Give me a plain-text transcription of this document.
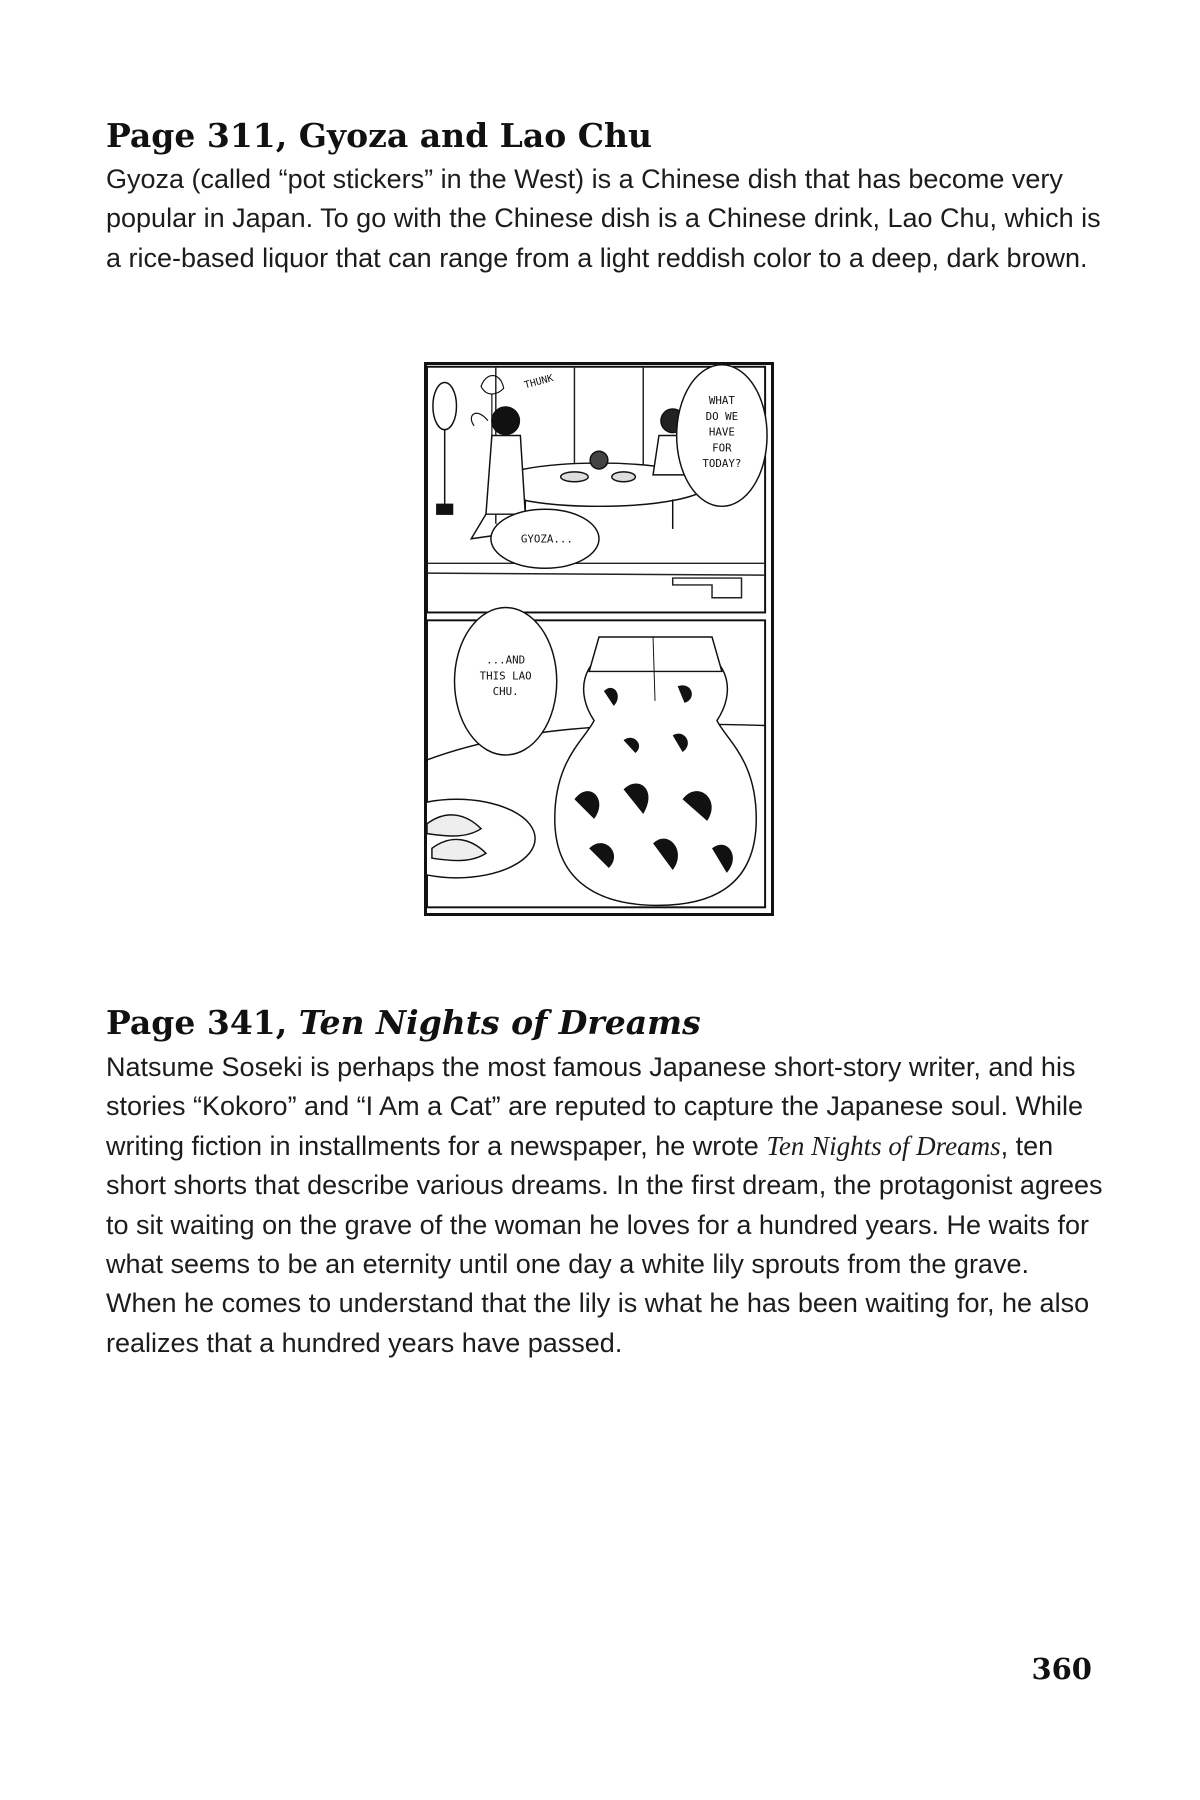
Page 311, Gyoza and Lao Chu

Gyoza (called “pot stickers” in the West) is a Chinese dish that has become very popular in Japan. To go with the Chinese dish is a Chinese drink, Lao Chu, which is a rice-based liquor that can range from a light reddish color to a deep, dark brown.

THUNK
WHAT
DO WE
HAVE
FOR
TODAY?
GYOZA...
...AND
THIS LAO
CHU.
Page 341, Ten Nights of Dreams

Natsume Soseki is perhaps the most famous Japanese short-story writer, and his stories “Kokoro” and “I Am a Cat” are reputed to capture the Japanese soul. While writing fiction in installments for a newspaper, he wrote Ten Nights of Dreams, ten short shorts that describe various dreams. In the first dream, the protagonist agrees to sit waiting on the grave of the woman he loves for a hundred years. He waits for what seems to be an eternity until one day a white lily sprouts from the grave. When he comes to understand that the lily is what he has been waiting for, he also realizes that a hundred years have passed.

360
